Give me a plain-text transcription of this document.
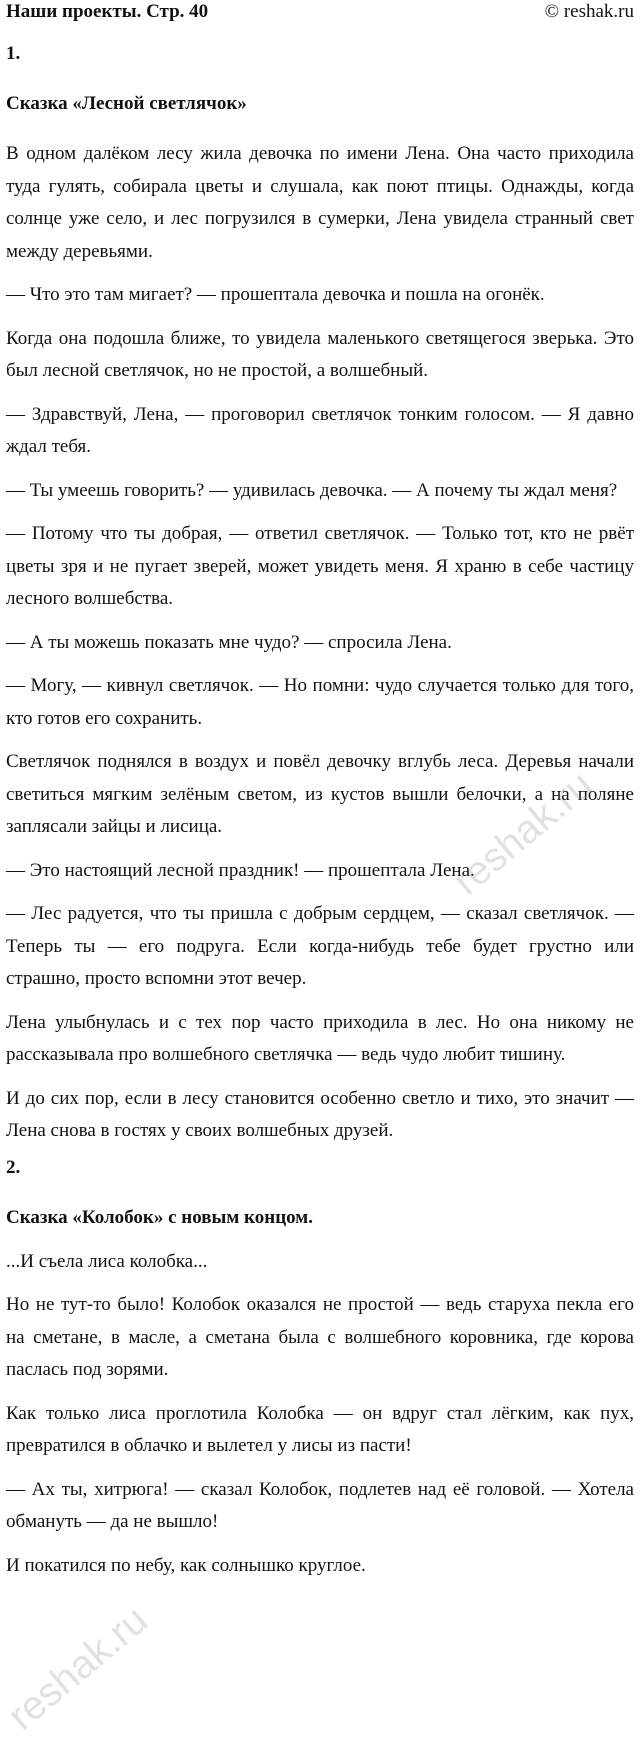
Наши проекты. Стр. 40	© reshak.ru
1.
Сказка «Лесной светлячок»

В одном далёком лесу жила девочка по имени Лена. Она часто приходила туда гулять, собирала цветы и слушала, как поют птицы. Однажды, когда солнце уже село, и лес погрузился в сумерки, Лена увидела странный свет между деревьями.

— Что это там мигает? — прошептала девочка и пошла на огонёк.

Когда она подошла ближе, то увидела маленького светящегося зверька. Это был лесной светлячок, но не простой, а волшебный.

— Здравствуй, Лена, — проговорил светлячок тонким голосом. — Я давно ждал тебя.

— Ты умеешь говорить? — удивилась девочка. — А почему ты ждал меня?

— Потому что ты добрая, — ответил светлячок. — Только тот, кто не рвёт цветы зря и не пугает зверей, может увидеть меня. Я храню в себе частицу лесного волшебства.

— А ты можешь показать мне чудо? — спросила Лена.

— Могу, — кивнул светлячок. — Но помни: чудо случается только для того, кто готов его сохранить.

Светлячок поднялся в воздух и повёл девочку вглубь леса. Деревья начали светиться мягким зелёным светом, из кустов вышли белочки, а на поляне заплясали зайцы и лисица.

— Это настоящий лесной праздник! — прошептала Лена.

— Лес радуется, что ты пришла с добрым сердцем, — сказал светлячок. — Теперь ты — его подруга. Если когда-нибудь тебе будет грустно или страшно, просто вспомни этот вечер.

Лена улыбнулась и с тех пор часто приходила в лес. Но она никому не рассказывала про волшебного светлячка — ведь чудо любит тишину.

И до сих пор, если в лесу становится особенно светло и тихо, это значит — Лена снова в гостях у своих волшебных друзей.

2.
Сказка «Колобок» с новым концом.

...И съела лиса колобка...

Но не тут-то было! Колобок оказался не простой — ведь старуха пекла его на сметане, в масле, а сметана была с волшебного коровника, где корова паслась под зорями.

Как только лиса проглотила Колобка — он вдруг стал лёгким, как пух, превратился в облачко и вылетел у лисы из пасти!

— Ах ты, хитрюга! — сказал Колобок, подлетев над её головой. — Хотела обмануть — да не вышло!

И покатился по небу, как солнышко круглое.

reshak.ru
reshak.ru
